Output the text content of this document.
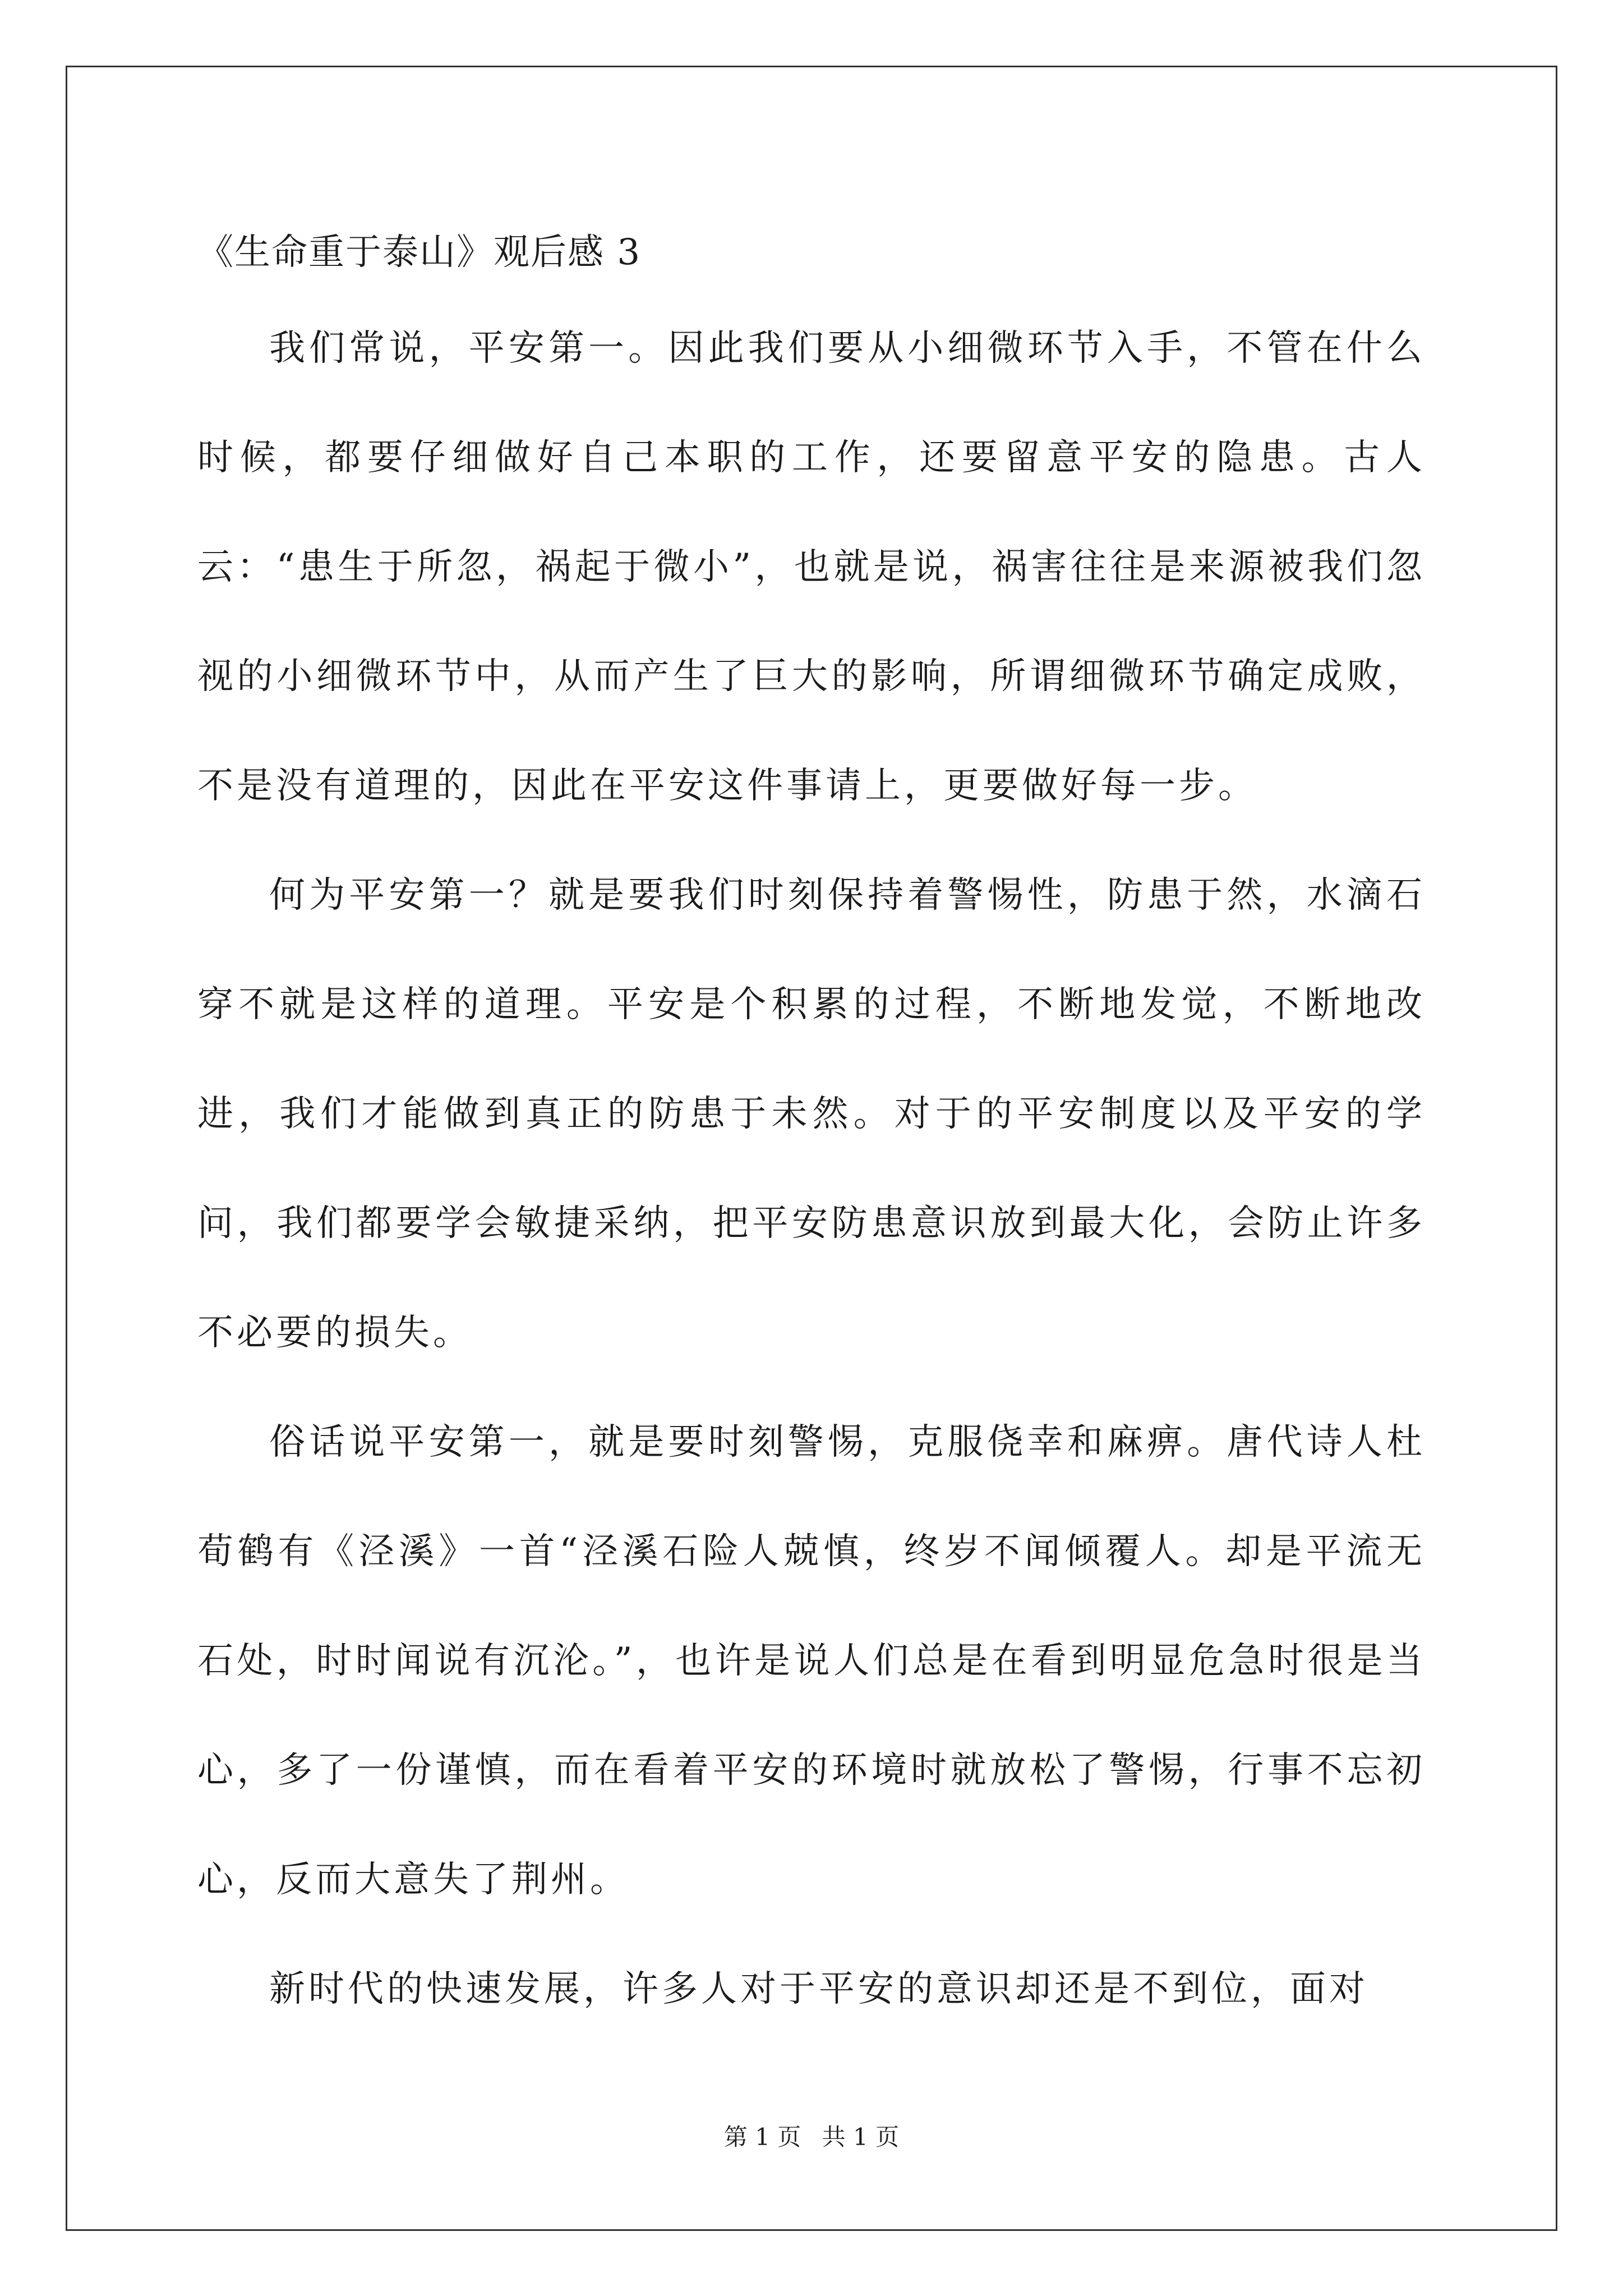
《生命重于泰山》观后感 3

我们常说，平安第一。因此我们要从小细微环节入手，不管在什么时候，都要仔细做好自己本职的工作，还要留意平安的隐患。古人云：“患生于所忽，祸起于微小”，也就是说，祸害往往是来源被我们忽视的小细微环节中，从而产生了巨大的影响，所谓细微环节确定成败，不是没有道理的，因此在平安这件事请上，更要做好每一步。

何为平安第一？就是要我们时刻保持着警惕性，防患于然，水滴石穿不就是这样的道理。平安是个积累的过程，不断地发觉，不断地改进，我们才能做到真正的防患于未然。对于的平安制度以及平安的学问，我们都要学会敏捷采纳，把平安防患意识放到最大化，会防止许多不必要的损失。

俗话说平安第一，就是要时刻警惕，克服侥幸和麻痹。唐代诗人杜荀鹤有《泾溪》一首“泾溪石险人兢慎，终岁不闻倾覆人。却是平流无石处，时时闻说有沉沦。”，也许是说人们总是在看到明显危急时很是当心，多了一份谨慎，而在看着平安的环境时就放松了警惕，行事不忘初心，反而大意失了荆州。

新时代的快速发展，许多人对于平安的意识却还是不到位，面对

第 1 页 共 1 页
